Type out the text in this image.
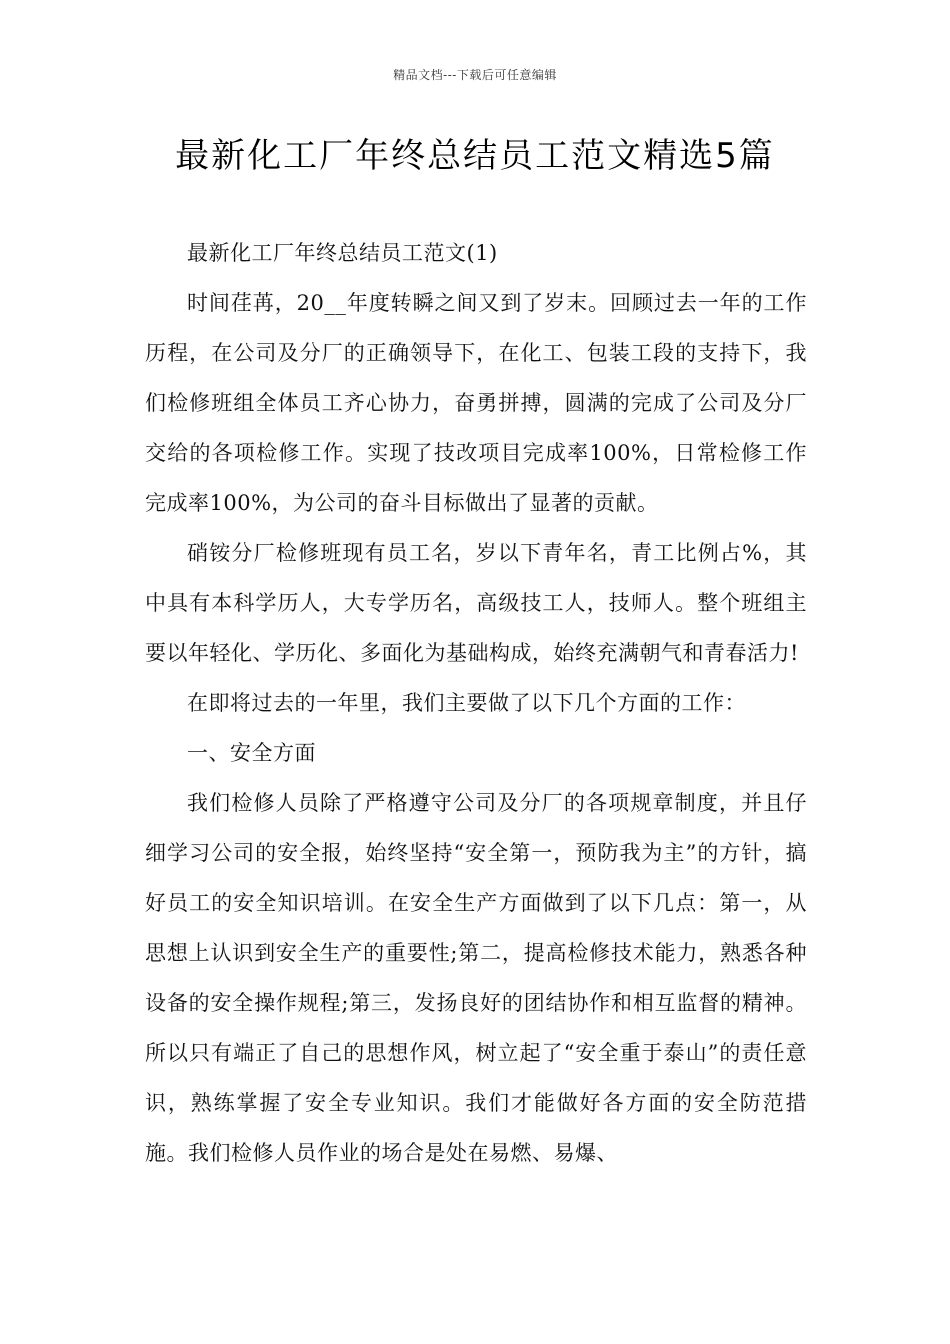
精品文档---下载后可任意编辑
最新化工厂年终总结员工范文精选5篇

最新化工厂年终总结员工范文(1)

时间荏苒，20__年度转瞬之间又到了岁末。回顾过去一年的工作历程，在公司及分厂的正确领导下，在化工、包装工段的支持下，我们检修班组全体员工齐心协力，奋勇拼搏，圆满的完成了公司及分厂交给的各项检修工作。实现了技改项目完成率100%，日常检修工作完成率100%，为公司的奋斗目标做出了显著的贡献。

硝铵分厂检修班现有员工名，岁以下青年名，青工比例占%，其中具有本科学历人，大专学历名，高级技工人，技师人。整个班组主要以年轻化、学历化、多面化为基础构成，始终充满朝气和青春活力!

在即将过去的一年里，我们主要做了以下几个方面的工作：

一、安全方面

我们检修人员除了严格遵守公司及分厂的各项规章制度，并且仔细学习公司的安全报，始终坚持“安全第一，预防我为主”的方针，搞好员工的安全知识培训。在安全生产方面做到了以下几点：第一，从思想上认识到安全生产的重要性;第二，提高检修技术能力，熟悉各种设备的安全操作规程;第三，发扬良好的团结协作和相互监督的精神。所以只有端正了自己的思想作风，树立起了“安全重于泰山”的责任意识，熟练掌握了安全专业知识。我们才能做好各方面的安全防范措施。我们检修人员作业的场合是处在易燃、易爆、
